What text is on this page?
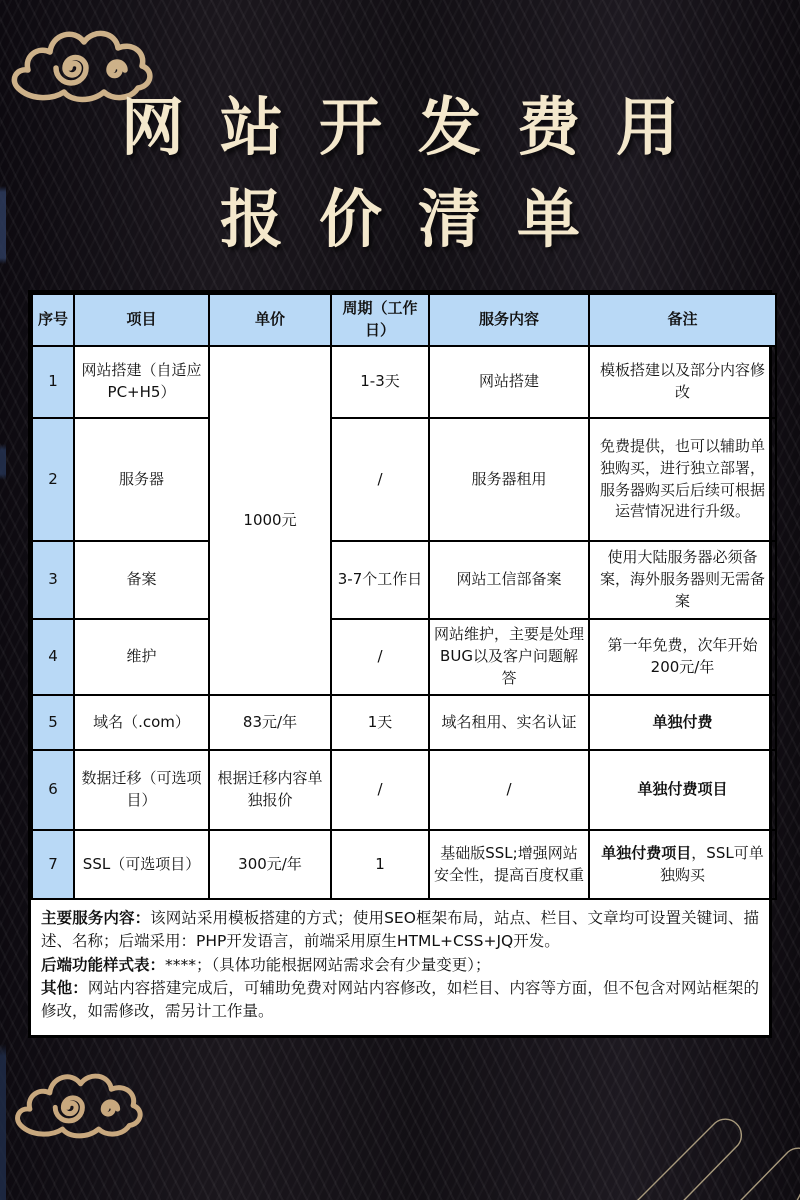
网站开发费用
报价清单
序号	项目	单价	周期（工作日）	服务内容	备注
1	网站搭建（自适应PC+H5）	1000元	1-3天	网站搭建	模板搭建以及部分内容修改
2	服务器		/	服务器租用	免费提供，也可以辅助单独购买，进行独立部署，服务器购买后后续可根据运营情况进行升级。
3	备案		3-7个工作日	网站工信部备案	使用大陆服务器必须备案，海外服务器则无需备案
4	维护		/	网站维护，主要是处理BUG以及客户问题解答	第一年免费，次年开始200元/年
5	域名（.com）	83元/年	1天	域名租用、实名认证	单独付费
6	数据迁移（可选项目）	根据迁移内容单独报价	/	/	单独付费项目
7	SSL（可选项目）	300元/年	1	基础版SSL;增强网站安全性，提高百度权重	单独付费项目，SSL可单独购买
主要服务内容：该网站采用模板搭建的方式；使用SEO框架布局，站点、栏目、文章均可设置关键词、描述、名称；后端采用：PHP开发语言，前端采用原生HTML+CSS+JQ开发。
后端功能样式表：****；（具体功能根据网站需求会有少量变更）；
其他：网站内容搭建完成后，可辅助免费对网站内容修改，如栏目、内容等方面，但不包含对网站框架的修改，如需修改，需另计工作量。
